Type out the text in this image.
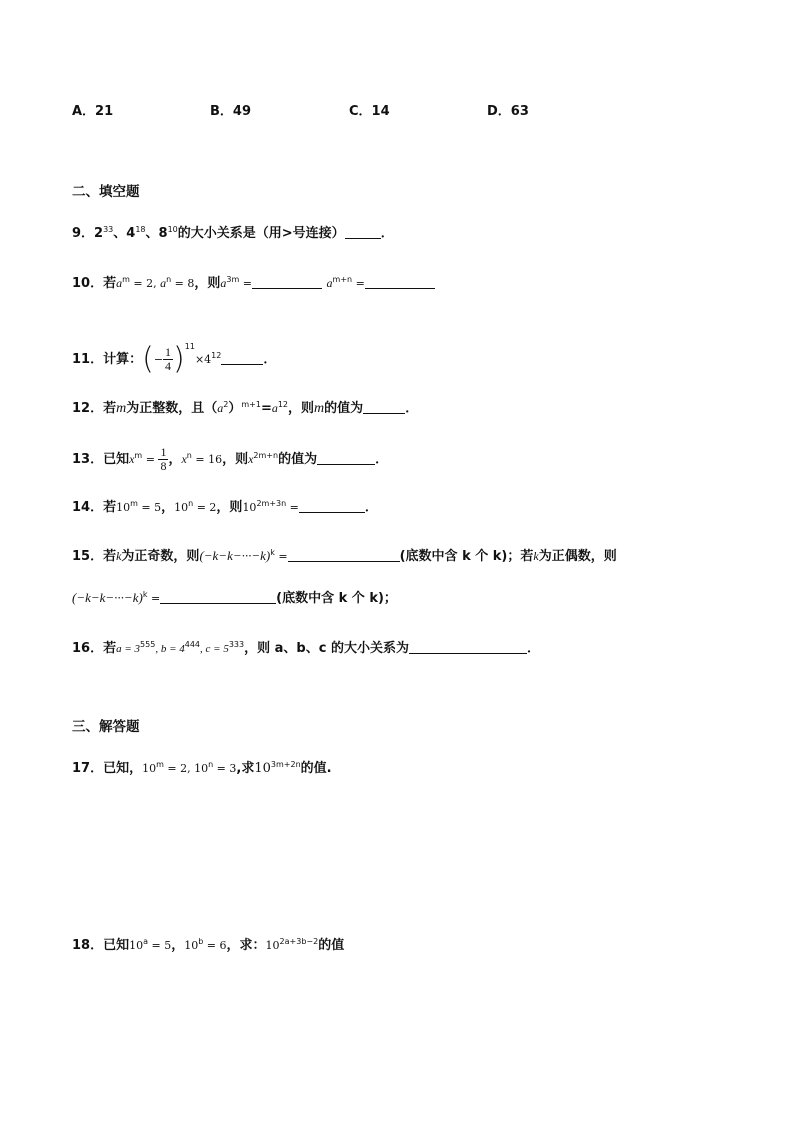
A．21	B．49	C．14	D．63
二、填空题
9．$2^{33}$、$4^{18}$、$8^{10}$的大小关系是（用>号连接）	．
10．若$a^m = 2$, $a^n = 8$，则$a^{3m}$ =	$a^{m+n}$ =
11．计算：(− $\frac{1}{4} )^{11}\times 4^{12}$	．
12．若m为正整数，且$(a^2)^{m+1}=a^{12}$，则m的值为	．
13．已知$x^m = \frac{1}{8}$ ，$x^n = 16$，则$x^{2m+n}$的值为	．
14．若$10^m = 5$，$10^n = 2$，则$10^{2m+3n}$ =	．
15．若k为正奇数，则$(-k-k-\cdot\cdot\cdot-k)^k$ =	(底数中含 k 个 k)；若k为正偶数，则
$(-k-k-\cdot\cdot\cdot-k)^k$ =	(底数中含 k 个 k)；
16．若$a = 3^{555}$, $b = 4^{444}$, $c = 5^{333}$，则 a、b、c 的大小关系为	．
三、解答题
17．已知，$10^m = 2$, $10^n = 3$,求$10^{3m+2n}$的值.
18．已知$10^a = 5$，$10^b = 6$，求：$10^{2a+3b-2}$的值
